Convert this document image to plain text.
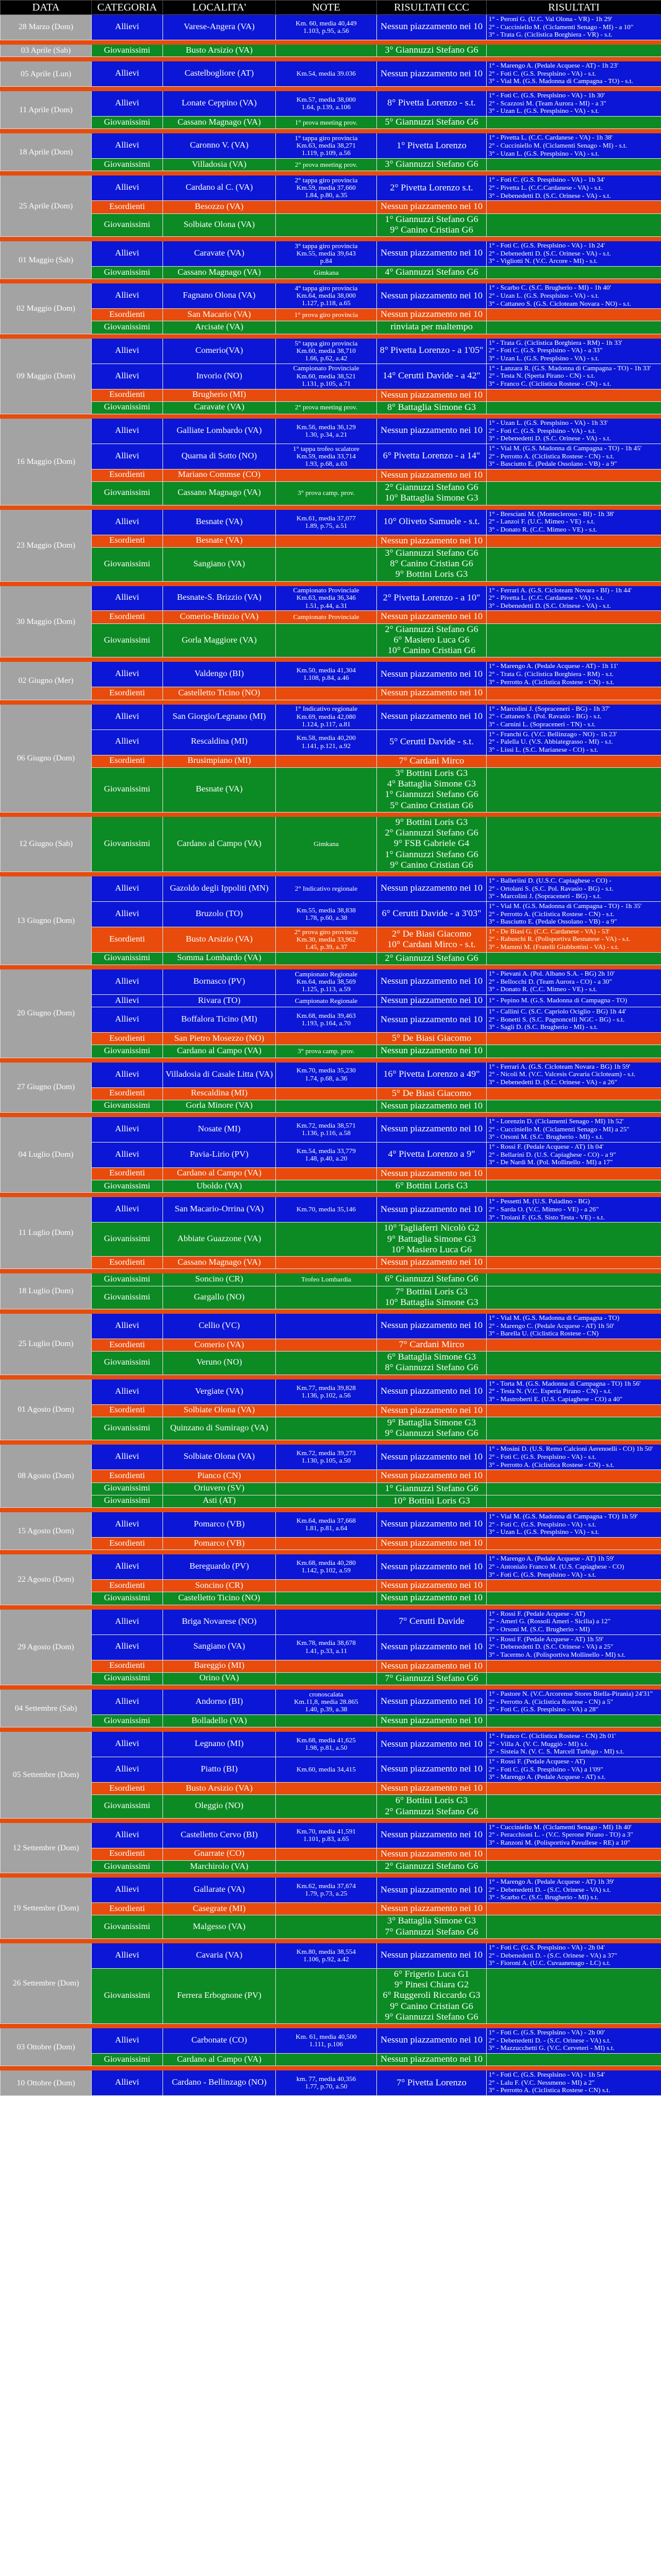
DATA	CATEGORIA	LOCALITA'	NOTE	RISULTATI CCC	RISULTATI
28 Marzo (Dom)	Allievi	Varese-Angera (VA)	Km. 60, media 40,449
1.103, p.95, a.56	Nessun piazzamento nei 10	1° - Peroni G. (U.C. Val Olona - VR) - 1h 29'
2° - Cucciniello M. (Ciclamenti Senago - MI) - a 10"
3° - Trata G. (Ciclistica Borghiera - VR) - s.t.

03 Aprile (Sab)	Giovanissimi	Busto Arsizio (VA)		3° Giannuzzi Stefano G6	

05 Aprile (Lun)	Allievi	Castelbogliore (AT)	Km.54, media 39.036	Nessun piazzamento nei 10	1° - Marengo A. (Pedale Acquese - AT) - 1h 23'
2° - Foti C. (G.S. Presplsino - VA) - s.t.
3° - Vial M. (G.S. Madonna di Campagna - TO) - s.t.

11 Aprile (Dom)	Allievi	Lonate Ceppino (VA)	Km.57, media 38,000
1.64, p.139, a.106	8° Pivetta Lorenzo - s.t.	1° - Foti C. (G.S. Presplsino - VA) - 1h 30'
2° - Scazzosi M. (Team Aurora - MI) - a 3"
3° - Uzan L. (G.S. Presplsino - VA) - s.t.

	Giovanissimi	Cassano Magnago (VA)	1° prova meeting prov.	5° Giannuzzi Stefano G6	

18 Aprile (Dom)	Allievi	Caronno V. (VA)	1° tappa giro provincia
Km.63, media 38,271
1.119, p.109, a.56	1° Pivetta Lorenzo	1° - Pivetta L. (C.C. Cardanese - VA) - 1h 38'
2° - Cucciniello M. (Ciclamenti Senago - MI) - s.t.
3° - Uzan L. (G.S. Presplsino - VA) - s.t.

	Giovanissimi	Villadosia (VA)	2° prova meeting prov.	3° Giannuzzi Stefano G6	

25 Aprile (Dom)	Allievi	Cardano al C. (VA)	2° tappa giro provincia
Km.59, media 37,660
1.84, p.80, a.35	2° Pivetta Lorenzo s.t.	1° - Foti C. (G.S. Presplsino - VA) - 1h 34'
2° - Pivetta L. (C.C.Cardanese - VA) - s.t.
3° - Debenedetti D. (S.C. Orinese - VA) - s.t.

	Esordienti	Besozzo (VA)		Nessun piazzamento nei 10	

	Giovanissimi	Solbiate Olona (VA)		1° Giannuzzi Stefano G6
9° Canino Cristian G6	

01 Maggio (Sab)	Allievi	Caravate (VA)	3° tappa giro provincia
Km.55, media 39,643
p.84	Nessun piazzamento nei 10	1° - Foti C. (G.S. Presplsino - VA) - 1h 24'
2° - Debenedetti D. (S.C. Orinese - VA) - s.t.
3° - Vigliotti N. (V.C. Arcore - MI) - s.t.

	Giovanissimi	Cassano Magnago (VA)	Gimkana	4° Giannuzzi Stefano G6	

02 Maggio (Dom)	Allievi	Fagnano Olona (VA)	4° tappa giro provincia
Km.64, media 38,000
1.127, p.118, a.65	Nessun piazzamento nei 10	1° - Scarbo C. (S.C. Brugherio - MI) - 1h 40'
2° - Uzan L. (G.S. Presplsino - VA) - s.t.
3° - Cattaneo S. (G.S. Cicloteam Novara - NO) - s.t.

	Esordienti	San Macario (VA)	1° prova giro provincia	Nessun piazzamento nei 10	

	Giovanissimi	Arcisate (VA)		rinviata per maltempo	

09 Maggio (Dom)	Allievi	Comerio(VA)	5° tappa giro provincia
Km.60, media 38,710
1.66, p.62, a.42	8° Pivetta Lorenzo - a 1'05"	1° - Trata G. (Ciclistica Borghiera - RM) - 1h 33'
2° - Foti C. (G.S. Presplsino - VA) - a 33"
3° - Uzan L. (G.S. Presplsino - VA) - s.t.

	Allievi	Invorio (NO)	Campionato Provinciale
Km.60, media 38,521
1.131, p.105, a.71	14° Cerutti Davide - a 42"	1° - Lanzara R. (G.S. Madonna di Campagna - TO) - 1h 33'
2° - Testa N. (Sperta Pirano - CN) - s.t.
3° - Franco C. (Ciclistica Rostese - CN) - s.t.

	Esordienti	Brugherio (MI)		Nessun piazzamento nei 10	

	Giovanissimi	Caravate (VA)	2° prova meeting prov.	8° Battaglia Simone G3	

16 Maggio (Dom)	Allievi	Galliate Lombardo (VA)	Km.56, media 36,129
1.30, p.34, a.21	Nessun piazzamento nei 10	1° - Uzan L. (G.S. Presplsino - VA) - 1h 33'
2° - Foti C. (G.S. Presplsino - VA) - s.t.
3° - Debenedetti D. (S.C. Orinese - VA) - s.t.

	Allievi	Quarna di Sotto (NO)	1° tappa trofeo scalatore
Km.59, media 33,714
1.93, p.68, a.63	6° Pivetta Lorenzo - a 14"	1° - Vial M. (G.S. Madonna di Campagna - TO) - 1h 45'
2° - Perrotto A. (Ciclistica Rostese - CN) - s.t.
3° - Basciutto E. (Pedale Ossolano - VB) - a 9"

	Esordienti	Mariano Commse (CO)		Nessun piazzamento nei 10	

	Giovanissimi	Cassano Magnago (VA)	3° prova camp. prov.	2° Giannuzzi Stefano G6
10° Battaglia Simone G3	

23 Maggio (Dom)	Allievi	Besnate (VA)	Km.61, media 37,077
1.89, p.75, a.51	10° Oliveto Samuele - s.t.	1° - Bresciani M. (Montecleroso - BI) - 1h 38'
2° - Lanzoi F. (U.C. Mimeo - VE) - s.t.
3° - Donato R. (C.C. Mimeo - VE) - s.t.

	Esordienti	Besnate (VA)		Nessun piazzamento nei 10	

	Giovanissimi	Sangiano (VA)		3° Giannuzzi Stefano G6
8° Canino Cristian G6
9° Bottini Loris G3	

30 Maggio (Dom)	Allievi	Besnate-S. Brizzio (VA)	Campionato Provinciale
Km.63, media 36,346
1.51, p.44, a.31	2° Pivetta Lorenzo - a 10"	1° - Ferrari A. (G.S. Cicloteam Novara - BI) - 1h 44'
2° - Pivetta L. (C.C. Cardanese - VA) - s.t.
3° - Debenedetti D. (S.C. Orinese - VA) - s.t.

	Esordienti	Comerio-Brinzio (VA)	Campionato Provinciale	Nessun piazzamento nei 10	

	Giovanissimi	Gorla Maggiore (VA)		2° Giannuzzi Stefano G6
6° Masiero Luca G6
10° Canino Cristian G6	

02 Giugno (Mer)	Allievi	Valdengo (BI)	Km.50, media 41,304
1.108, p.84, a.46	Nessun piazzamento nei 10	1° - Marengo A. (Pedale Acquese - AT) - 1h 11'
2° - Trata G. (Ciclistica Borghiera - RM) - s.t.
3° - Perrotto A. (Ciclistica Rostese - CN) - s.t.

	Esordienti	Castelletto Ticino (NO)		Nessun piazzamento nei 10	

06 Giugno (Dom)	Allievi	San Giorgio/Legnano (MI)	1° Indicativo regionale
Km.69, media 42,080
1.124, p.117, a.81	Nessun piazzamento nei 10	1° - Marcolini J. (Sopraceneri - BG) - 1h 37'
2° - Cattaneo S. (Pol. Ravasio - BG) - s.t.
3° - Carnini L. (Sopraceneri - TN) - s.t.

	Allievi	Rescaldina (MI)	Km.58, media 40,200
1.141, p.121, a.92	5° Cerutti Davide - s.t.	1° - Franchi G. (V.C. Bellinzago - NO) - 1h 23'
2° - Palella U. (V.S. Abbiategrasso - MI) - s.t.
3° - Lissi L. (S.C. Marianese - CO) - s.t.

	Esordienti	Brusimpiano (MI)		7° Cardani Mirco	

	Giovanissimi	Besnate (VA)		3° Bottini Loris G3
4° Battaglia Simone G3
1° Giannuzzi Stefano G6
5° Canino Cristian G6	

12 Giugno (Sab)	Giovanissimi	Cardano al Campo (VA)	Gimkana	9° Bottini Loris G3
2° Giannuzzi Stefano G6
9° FSB Gabriele G4
1° Giannuzzi Stefano G6
9° Canino Cristian G6	

13 Giugno (Dom)	Allievi	Gazoldo degli Ippoliti (MN)	2° Indicativo regionale	Nessun piazzamento nei 10	1° - Balleriini D. (U.S.C. Capiaghese - CO) -
2° - Ortolani S. (S.C. Pol. Ravasio - BG) - s.t.
3° - Marcolini J. (Sopraceneri - BG) - s.t.

	Allievi	Bruzolo (TO)	Km.55, media 38,838
1.78, p.60, a.38	6° Cerutti Davide - a 3'03"	1° - Vial M. (G.S. Madonna di Campagna - TO) - 1h 35'
2° - Perrotto A. (Ciclistica Rostese - CN) - s.t.
3° - Basciutto E. (Pedale Ossolano - VB) - a 9"

	Esordienti	Busto Arsizio (VA)	2° prova giro provincia
Km.30, media 33,962
1.45, p.39, a.37	2° De Biasi Giacomo
10° Cardani Mirco - s.t.	1° - De Biasi G. (C.C. Cardanese - VA) - 53'
2° - Rabuschi R. (Polisportiva Besnatese - VA) - s.t.
3° - Mammi M. (Fratelli Giubbottini - VA) - s.t.

	Giovanissimi	Somma Lombardo (VA)		2° Giannuzzi Stefano G6	

20 Giugno (Dom)	Allievi	Bornasco (PV)	Campionato Regionale
Km.64, media 38,569
1.125, p.113, a.59	Nessun piazzamento nei 10	1° - Pievani A. (Pol. Albano S.A. - BG) 2h 10'
2° - Bellocchi D. (Team Aurora - CO) - a 30"
3° - Donato R. (C.C. Mimeo - VE) - s.t.

	Allievi	Rivara (TO)	Campionato Regionale	Nessun piazzamento nei 10	1° - Pepino M. (G.S. Madonna di Campagna - TO)

	Allievi	Boffalora Ticino (MI)	Km.68, media 39,463
1.193, p.164, a.70	Nessun piazzamento nei 10	1° - Callini C. (S.C. Capriolo Ociglio - BG) 1h 44'
2° - Bonetti S. (S.C. Pagnoncelli NGC - BG) - s.t.
3° - Sagli D. (S.C. Brugherio - MI) - s.t.

	Esordienti	San Pietro Mosezzo (NO)		5° De Biasi Giacomo	

	Giovanissimi	Cardano al Campo (VA)	3° prova camp. prov.	Nessun piazzamento nei 10	

27 Giugno (Dom)	Allievi	Villadosia di Casale Litta (VA)	Km.70, media 35,230
1.74, p.68, a.36	16° Pivetta Lorenzo a 49"	1° - Ferrari A. (G.S. Cicloteam Novara - BG) 1h 59'
2° - Nicoli M. (V.C. Valcesis Cavaria Cicloteam) - s.t.
3° - Debenedetti D. (S.C. Orinese - VA) - a 26"

	Esordienti	Rescaldina (MI)		5° De Biasi Giacomo	

	Giovanissimi	Gorla Minore (VA)		Nessun piazzamento nei 10	

04 Luglio (Dom)	Allievi	Nosate (MI)	Km.72, media 38,571
1.136, p.116, a.58	Nessun piazzamento nei 10	1° - Lorenzin D. (Ciclamenti Senago - MI) 1h 52'
2° - Cucciniello M. (Ciclamenti Senago - MI) a 25"
3° - Orsoni M. (S.C. Brugherio - MI) - s.t.

	Allievi	Pavia-Lirio (PV)	Km.54, media 33,779
1.48, p.40, a.20	4° Pivetta Lorenzo a 9"	1° - Rossi F. (Pedale Acquese - AT) 1h 04'
2° - Bellarini D. (U.S. Capiaghese - CO) - a 9"
3° - De Nardi M. (Pol. Mollinello - MI) a 17"

	Esordienti	Cardano al Campo (VA)		Nessun piazzamento nei 10	

	Giovanissimi	Uboldo (VA)		6° Bottini Loris G3	

11 Luglio (Dom)	Allievi	San Macario-Orrina (VA)	Km.70, media 35,146	Nessun piazzamento nei 10	1° - Pessetti M. (U.S. Paladino - BG)
2° - Sarda O. (V.C. Mimeo - VE) - a 26"
3° - Troiani F. (G.S. Sisto Testa - VE) - s.t.

	Giovanissimi	Abbiate Guazzone (VA)		10° Tagliaferri Nicolò G2
9° Battaglia Simone G3
10° Masiero Luca G6	

	Esordienti	Cassano Magnago (VA)		Nessun piazzamento nei 10	

18 Luglio (Dom)	Giovanissimi	Soncino (CR)	Trofeo Lombardia	6° Giannuzzi Stefano G6	

	Giovanissimi	Gargallo (NO)		7° Bottini Loris G3
10° Battaglia Simone G3	

25 Luglio (Dom)	Allievi	Cellio (VC)		Nessun piazzamento nei 10	1° - Vial M. (G.S. Madonna di Campagna - TO)
2° - Marengo C. (Pedale Acquese - AT) 1h 50'
3° - Barella U. (Ciclistica Rostese - CN)

	Esordienti	Comerio (VA)		7° Cardani Mirco	

	Giovanissimi	Veruno (NO)		6° Battaglia Simone G3
8° Giannuzzi Stefano G6	

01 Agosto (Dom)	Allievi	Vergiate (VA)	Km.77, media 39,828
1.136, p.102, a.56	Nessun piazzamento nei 10	1° - Torta M. (G.S. Madonna di Campagna - TO) 1h 56'
2° - Testa N. (V.C. Esperia Pirano - CN) - s.t.
3° - Mastroberti E. (U.S. Capiaghese - CO) a 40"

	Esordienti	Solbiate Olona (VA)		Nessun piazzamento nei 10	

	Giovanissimi	Quinzano di Sumirago (VA)		9° Battaglia Simone G3
9° Giannuzzi Stefano G6	

08 Agosto (Dom)	Allievi	Solbiate Olona (VA)	Km.72, media 39,273
1.130, p.105, a.50	Nessun piazzamento nei 10	1° - Mosini D. (U.S. Remo Calcioni Aerenoelli - CO) 1h 50'
2° - Foti C. (G.S. Presplsino - VA) - s.t.
3° - Perrotto A. (Ciclistica Rostese - CN) - s.t.

	Esordienti	Pianco (CN)		Nessun piazzamento nei 10	

	Giovanissimi	Oriuvero (SV)		1° Giannuzzi Stefano G6	

	Giovanissimi	Asti (AT)		10° Bottini Loris G3	

15 Agosto (Dom)	Allievi	Pomarco (VB)	Km.64, media 37,668
1.81, p.81, a.64	Nessun piazzamento nei 10	1° - Vial M. (G.S. Madonna di Campagna - TO) 1h 59'
2° - Foti C. (G.S. Presplsino - VA) - s.t.
3° - Uzan L. (G.S. Presplsino - VA) - s.t.

	Esordienti	Pomarco (VB)		Nessun piazzamento nei 10	

22 Agosto (Dom)	Allievi	Bereguardo (PV)	Km.68, media 40,280
1.142, p.102, a.59	Nessun piazzamento nei 10	1° - Marengo A. (Pedale Acquese - AT) 1h 59'
2° - Antonialo Franco M. (U.S. Capiaghese - CO)
3° - Foti C. (G.S. Presplsino - VA) - s.t.

	Esordienti	Soncino (CR)		Nessun piazzamento nei 10	

	Giovanissimi	Castelletto Ticino (NO)		Nessun piazzamento nei 10	

29 Agosto (Dom)	Allievi	Briga Novarese (NO)		7° Cerutti Davide	1° - Rossi F. (Pedale Acquese - AT)
2° - Ameri G. (Rossoli Ameri - Sicilia) a 12"
3° - Orsoni M. (S.C. Brugherio - MI)

	Allievi	Sangiano (VA)	Km.78, media 38,678
1.41, p.33, a.11	Nessun piazzamento nei 10	1° - Rossi F. (Pedale Acquese - AT) 1h 59'
2° - Debenedetti D. (S.C. Orinese - VA) a 25"
3° - Tacermo A. (Polisportiva Mollinello - MI) s.t.

	Esordienti	Bareggio (MI)		Nessun piazzamento nei 10	

	Giovanissimi	Orino (VA)		7° Giannuzzi Stefano G6	

04 Settembre (Sab)	Allievi	Andorno (BI)	cronoscalata
Km.11,8, media 28.865
1.40, p.39, a.38	Nessun piazzamento nei 10	1° - Pastore N. (V.C.Arcorense Stores Biella-Pirania) 24'31"
2° - Perrotto A. (Ciclistica Rostese - CN) a 5"
3° - Foti C. (G.S. Presplsino - VA) a 28"

	Giovanissimi	Bolladello (VA)		Nessun piazzamento nei 10	

05 Settembre (Dom)	Allievi	Legnano (MI)	Km.68, media 41,625
1.98, p.81, a.50	Nessun piazzamento nei 10	1° - Franco C. (Ciclistica Rostese - CN) 2h 01'
2° - Villa A. (V. C. Muggiò - MI) s.t.
3° - Sisteia N. (V. C. S. Marcell Turbigo - MI) s.t.

	Allievi	Piatto (BI)	Km.60, media 34,415	Nessun piazzamento nei 10	1° - Rossi F. (Pedale Acquese - AT)
2° - Foti C. (G.S. Presplsino - VA) a 1'09"
3° - Marengo A. (Pedale Acquese - AT) s.t.

	Esordienti	Busto Arsizio (VA)		Nessun piazzamento nei 10	

	Giovanissimi	Oleggio (NO)		6° Bottini Loris G3
2° Giannuzzi Stefano G6	

12 Settembre (Dom)	Allievi	Castelletto Cervo (BI)	Km.70, media 41,591
1.101, p.83, a.65	Nessun piazzamento nei 10	1° - Cucciniello M. (Ciclamenti Senago - MI) 1h 40'
2° - Peracchioni L. - (V.C. Sperone Pirano - TO) a 3"
3° - Ranzoni M. (Polisportiva Pavullese - RE) a 10"

	Esordienti	Gnarrate (CO)		Nessun piazzamento nei 10	

	Giovanissimi	Marchirolo (VA)		2° Giannuzzi Stefano G6	

19 Settembre (Dom)	Allievi	Gallarate (VA)	Km.62, media 37,674
1.79, p.73, a.25	Nessun piazzamento nei 10	1° - Marengo A. (Pedale Acquese - AT) 1h 39'
2° - Debenedetti D. - (S.C. Orinese - VA) s.t.
3° - Scarbo C. (S.C. Brugherio - MI) s.t.

	Esordienti	Casegrate (MI)		Nessun piazzamento nei 10	

	Giovanissimi	Malgesso (VA)		3° Battaglia Simone G3
7° Giannuzzi Stefano G6	

26 Settembre (Dom)	Allievi	Cavaria (VA)	Km.80, media 38,554
1.106, p.92, a.42	Nessun piazzamento nei 10	1° - Foti C. (G.S. Presplsino - VA) - 2h 04'
2° - Debenedetti D. - (S.C. Orinese - VA) a 37"
3° - Fioroni A. (U.C. Cuvaanenago - LC) s.t.

	Giovanissimi	Ferrera Erbognone (PV)		6° Frigerio Luca G1
9° Pinesi Chiara G2
6° Ruggeroli Riccardo G3
9° Canino Cristian G6
9° Giannuzzi Stefano G6	

03 Ottobre (Dom)	Allievi	Carbonate (CO)	Km. 61, media 40,500
1.111, p.106	Nessun piazzamento nei 10	1° - Foti C. (G.S. Presplsino - VA) - 2h 00'
2° - Debenedetti D. - (S.C. Orinese - VA) s.t.
3° - Mazzucchetti G. (V.C. Cerveteri - MI) s.t.

	Giovanissimi	Cardano al Campo (VA)		Nessun piazzamento nei 10	

10 Ottobre (Dom)	Allievi	Cardano - Bellinzago (NO)	km. 77, media 40,356
1.77, p.70, a.50	7° Pivetta Lorenzo	1° - Foti C. (G.S. Presplsino - VA) - 1h 54'
2° - Lalu F. (V.C. Nessmeno - MI) a 2"
3° - Perrotto A. (Ciclistica Rostese - CN) s.t.
